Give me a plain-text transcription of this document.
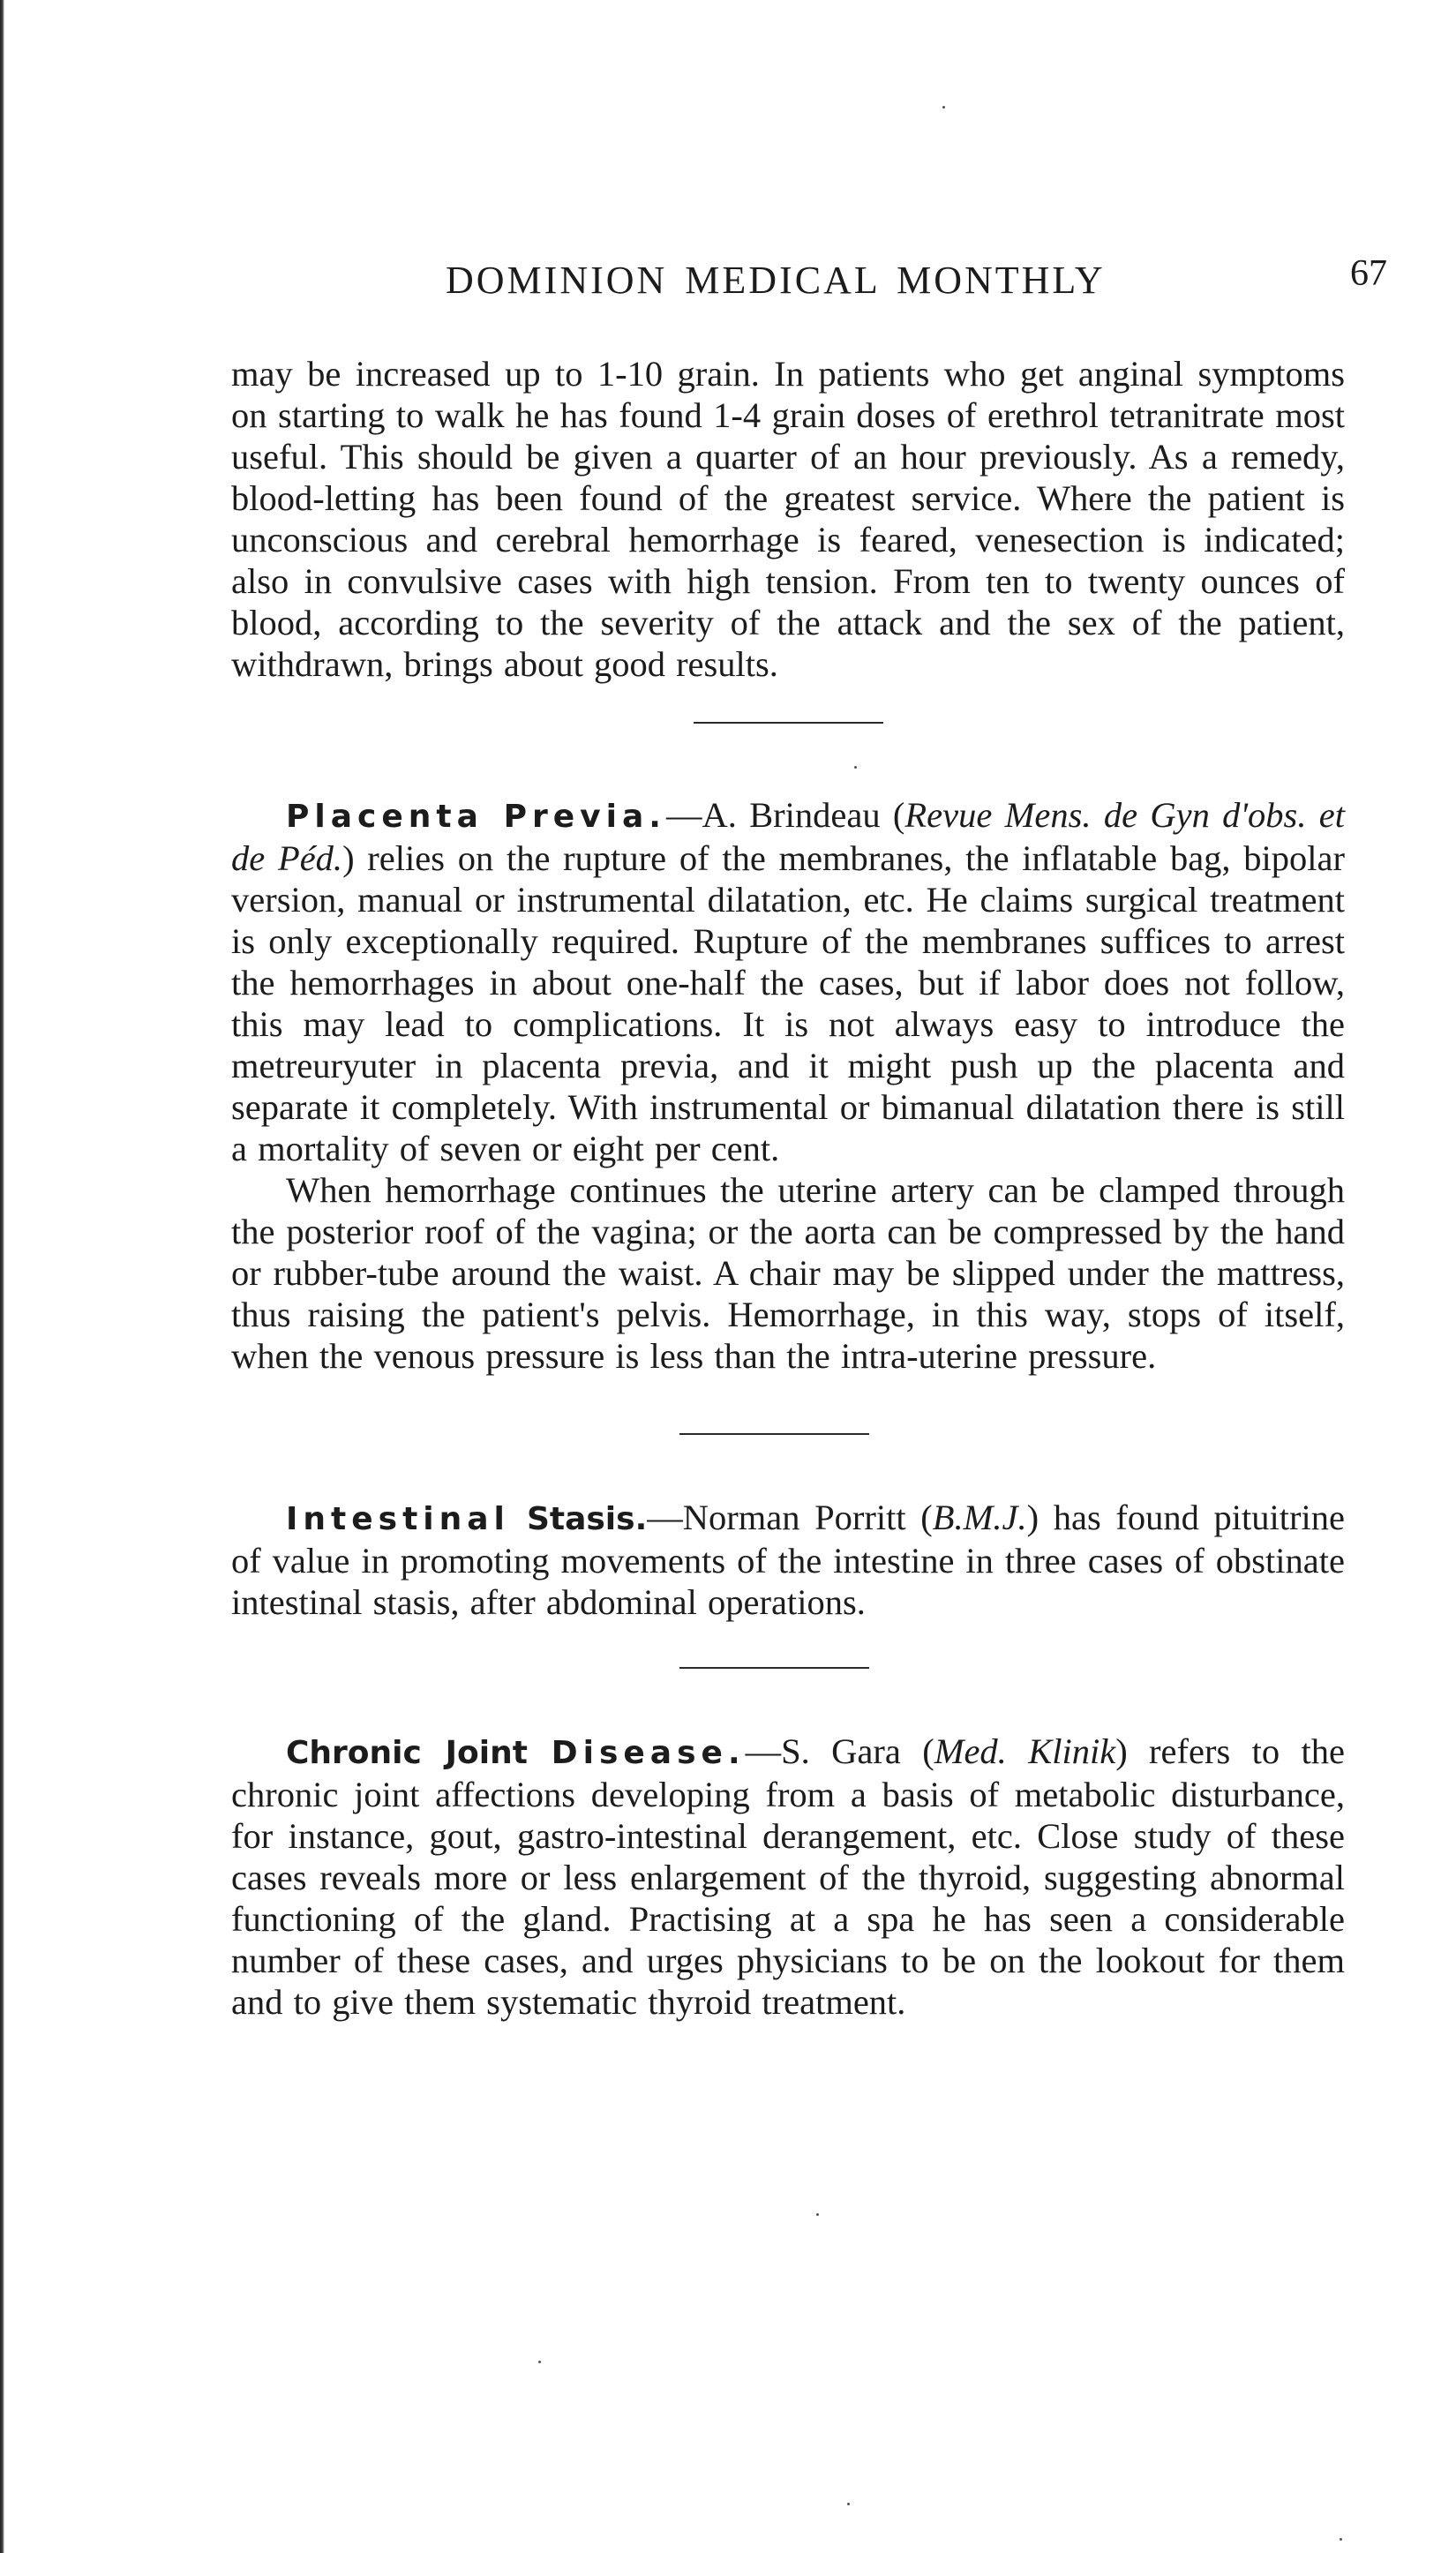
DOMINION MEDICAL MONTHLY	67

may be increased up to 1-10 grain. In patients who get anginal symptoms on starting to walk he has found 1-4 grain doses of erethrol tetranitrate most useful. This should be given a quarter of an hour previously. As a remedy, blood-letting has been found of the greatest service. Where the patient is unconscious and cerebral hemorrhage is feared, venesection is indicated; also in convulsive cases with high tension. From ten to twenty ounces of blood, according to the severity of the attack and the sex of the patient, withdrawn, brings about good results.

Placenta Previa.—A. Brindeau (Revue Mens. de Gyn d'obs. et de Péd.) relies on the rupture of the membranes, the inflatable bag, bipolar version, manual or instrumental dilatation, etc. He claims surgical treatment is only exceptionally required. Rupture of the membranes suffices to arrest the hemorrhages in about one-half the cases, but if labor does not follow, this may lead to complications. It is not always easy to introduce the metreuryuter in placenta previa, and it might push up the placenta and separate it completely. With instrumental or bimanual dilatation there is still a mortality of seven or eight per cent.

When hemorrhage continues the uterine artery can be clamped through the posterior roof of the vagina; or the aorta can be compressed by the hand or rubber-tube around the waist. A chair may be slipped under the mattress, thus raising the patient's pelvis. Hemorrhage, in this way, stops of itself, when the venous pressure is less than the intra-uterine pressure.

Intestinal Stasis.—Norman Porritt (B.M.J.) has found pituitrine of value in promoting movements of the intestine in three cases of obstinate intestinal stasis, after abdominal operations.

Chronic Joint Disease.—S. Gara (Med. Klinik) refers to the chronic joint affections developing from a basis of metabolic disturbance, for instance, gout, gastro-intestinal derangement, etc. Close study of these cases reveals more or less enlargement of the thyroid, suggesting abnormal functioning of the gland. Practising at a spa he has seen a considerable number of these cases, and urges physicians to be on the lookout for them and to give them systematic thyroid treatment.
